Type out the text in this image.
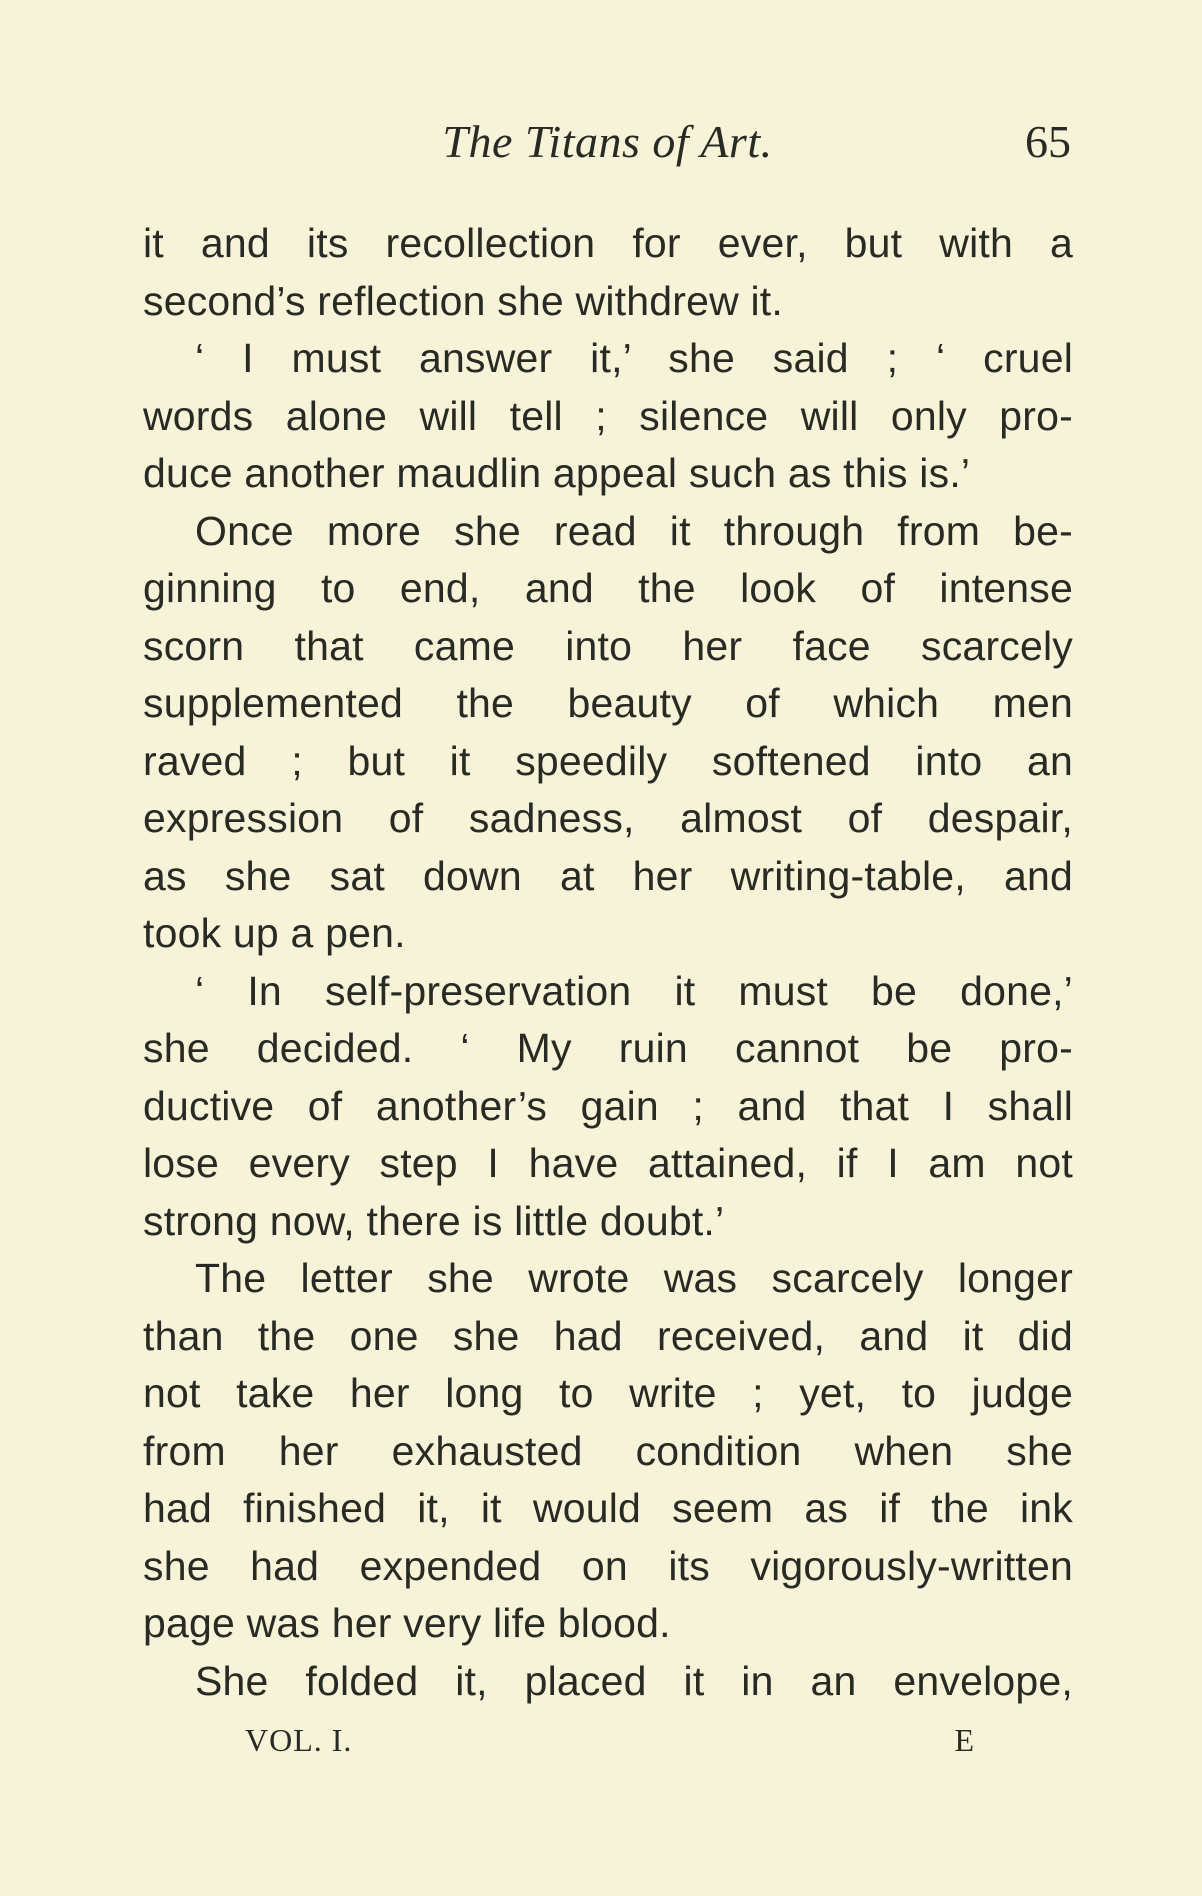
The Titans of Art.	65
it and its recollection for ever, but with a
second’s reflection she withdrew it.
‘ I must answer it,’ she said ; ‘ cruel
words alone will tell ; silence will only pro-
duce another maudlin appeal such as this is.’
Once more she read it through from be-
ginning to end, and the look of intense
scorn that came into her face scarcely
supplemented the beauty of which men
raved ; but it speedily softened into an
expression of sadness, almost of despair,
as she sat down at her writing-table, and
took up a pen.
‘ In self-preservation it must be done,’
she decided. ‘ My ruin cannot be pro-
ductive of another’s gain ; and that I shall
lose every step I have attained, if I am not
strong now, there is little doubt.’
The letter she wrote was scarcely longer
than the one she had received, and it did
not take her long to write ; yet, to judge
from her exhausted condition when she
had finished it, it would seem as if the ink
she had expended on its vigorously-written
page was her very life blood.
She folded it, placed it in an envelope,
VOL. I.	E
